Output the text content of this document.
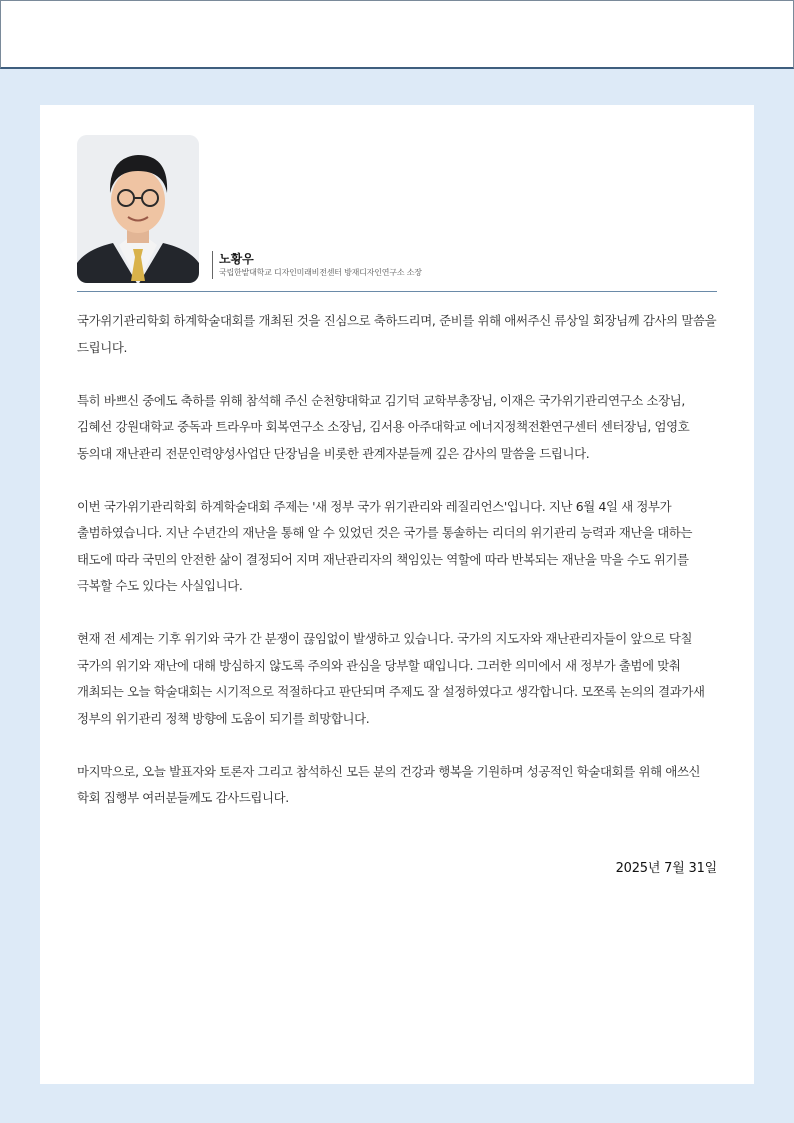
노황우
국립한밭대학교 디자인미래비전센터 방재디자인연구소 소장

국가위기관리학회 하계학술대회를 개최된 것을 진심으로 축하드리며, 준비를 위해 애써주신 류상일 회장님께 감사의 말씀을 드립니다.

특히 바쁘신 중에도 축하를 위해 참석해 주신 순천향대학교 김기덕 교학부총장님, 이재은 국가위기관리연구소 소장님, 김혜선 강원대학교 중독과 트라우마 회복연구소 소장님, 김서용 아주대학교 에너지정책전환연구센터 센터장님, 엄영호 동의대 재난관리 전문인력양성사업단 단장님을 비롯한 관계자분들께 깊은 감사의 말씀을 드립니다.

이번 국가위기관리학회 하계학술대회 주제는 '새 정부 국가 위기관리와 레질리언스'입니다. 지난 6월 4일 새 정부가 출범하였습니다. 지난 수년간의 재난을 통해 알 수 있었던 것은 국가를 통솔하는 리더의 위기관리 능력과 재난을 대하는 태도에 따라 국민의 안전한 삶이 결정되어 지며 재난관리자의 책임있는 역할에 따라 반복되는 재난을 막을 수도 위기를 극복할 수도 있다는 사실입니다.

현재 전 세계는 기후 위기와 국가 간 분쟁이 끊임없이 발생하고 있습니다. 국가의 지도자와 재난관리자들이 앞으로 닥칠 국가의 위기와 재난에 대해 방심하지 않도록 주의와 관심을 당부할 때입니다. 그러한 의미에서 새 정부가 출범에 맞춰 개최되는 오늘 학술대회는 시기적으로 적절하다고 판단되며 주제도 잘 설정하였다고 생각합니다. 모쪼록 논의의 결과가새 정부의 위기관리 정책 방향에 도움이 되기를 희망합니다.

마지막으로, 오늘 발표자와 토론자 그리고 참석하신 모든 분의 건강과 행복을 기원하며 성공적인 학술대회를 위해 애쓰신 학회 집행부 여러분들께도 감사드립니다.

2025년 7월 31일
